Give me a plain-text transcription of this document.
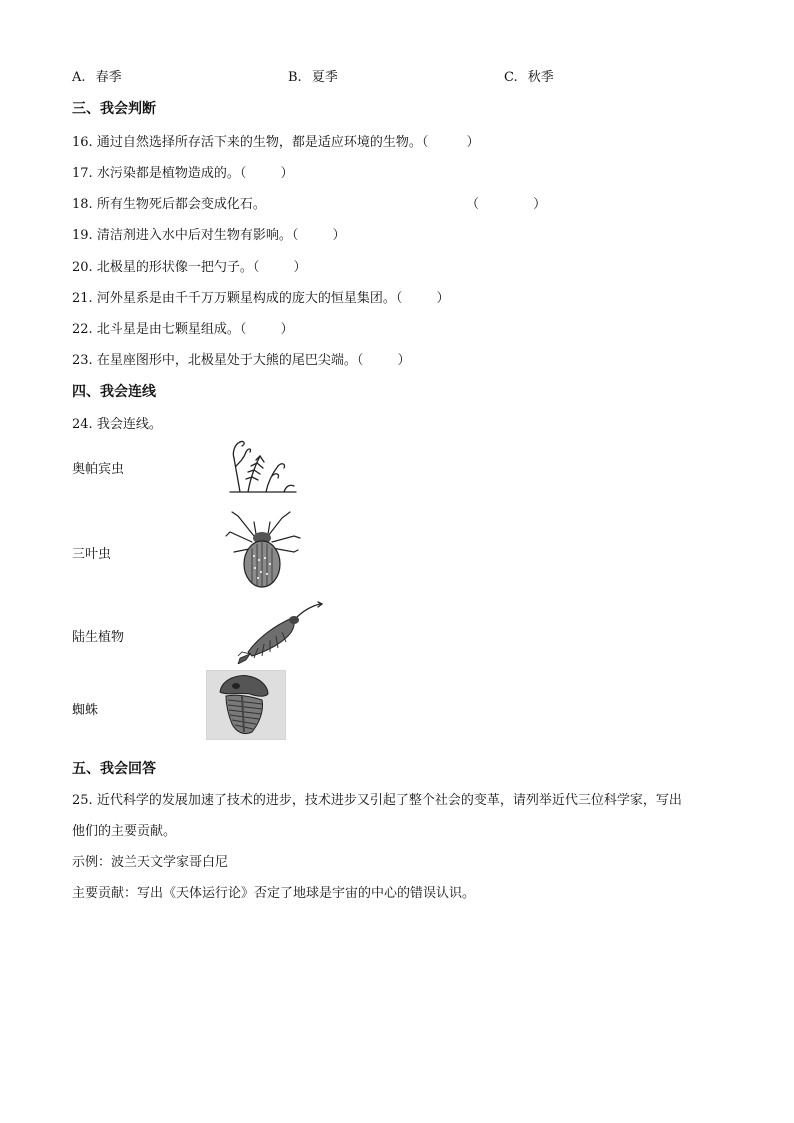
A. 春季	B. 夏季	C. 秋季
三、我会判断
16. 通过自然选择所存活下来的生物，都是适应环境的生物。（	）
17. 水污染都是植物造成的。（	）
18. 所有生物死后都会变成化石。	（	）
19. 清洁剂进入水中后对生物有影响。（	）
20. 北极星的形状像一把勺子。（	）
21. 河外星系是由千千万万颗星构成的庞大的恒星集团。（	）
22. 北斗星是由七颗星组成。（	）
23. 在星座图形中，北极星处于大熊的尾巴尖端。（	）
四、我会连线
24. 我会连线。
奥帕宾虫
三叶虫
陆生植物
蜘蛛
五、我会回答
25. 近代科学的发展加速了技术的进步，技术进步又引起了整个社会的变革，请列举近代三位科学家，写出
他们的主要贡献。
示例：波兰天文学家哥白尼
主要贡献：写出《天体运行论》否定了地球是宇宙的中心的错误认识。
